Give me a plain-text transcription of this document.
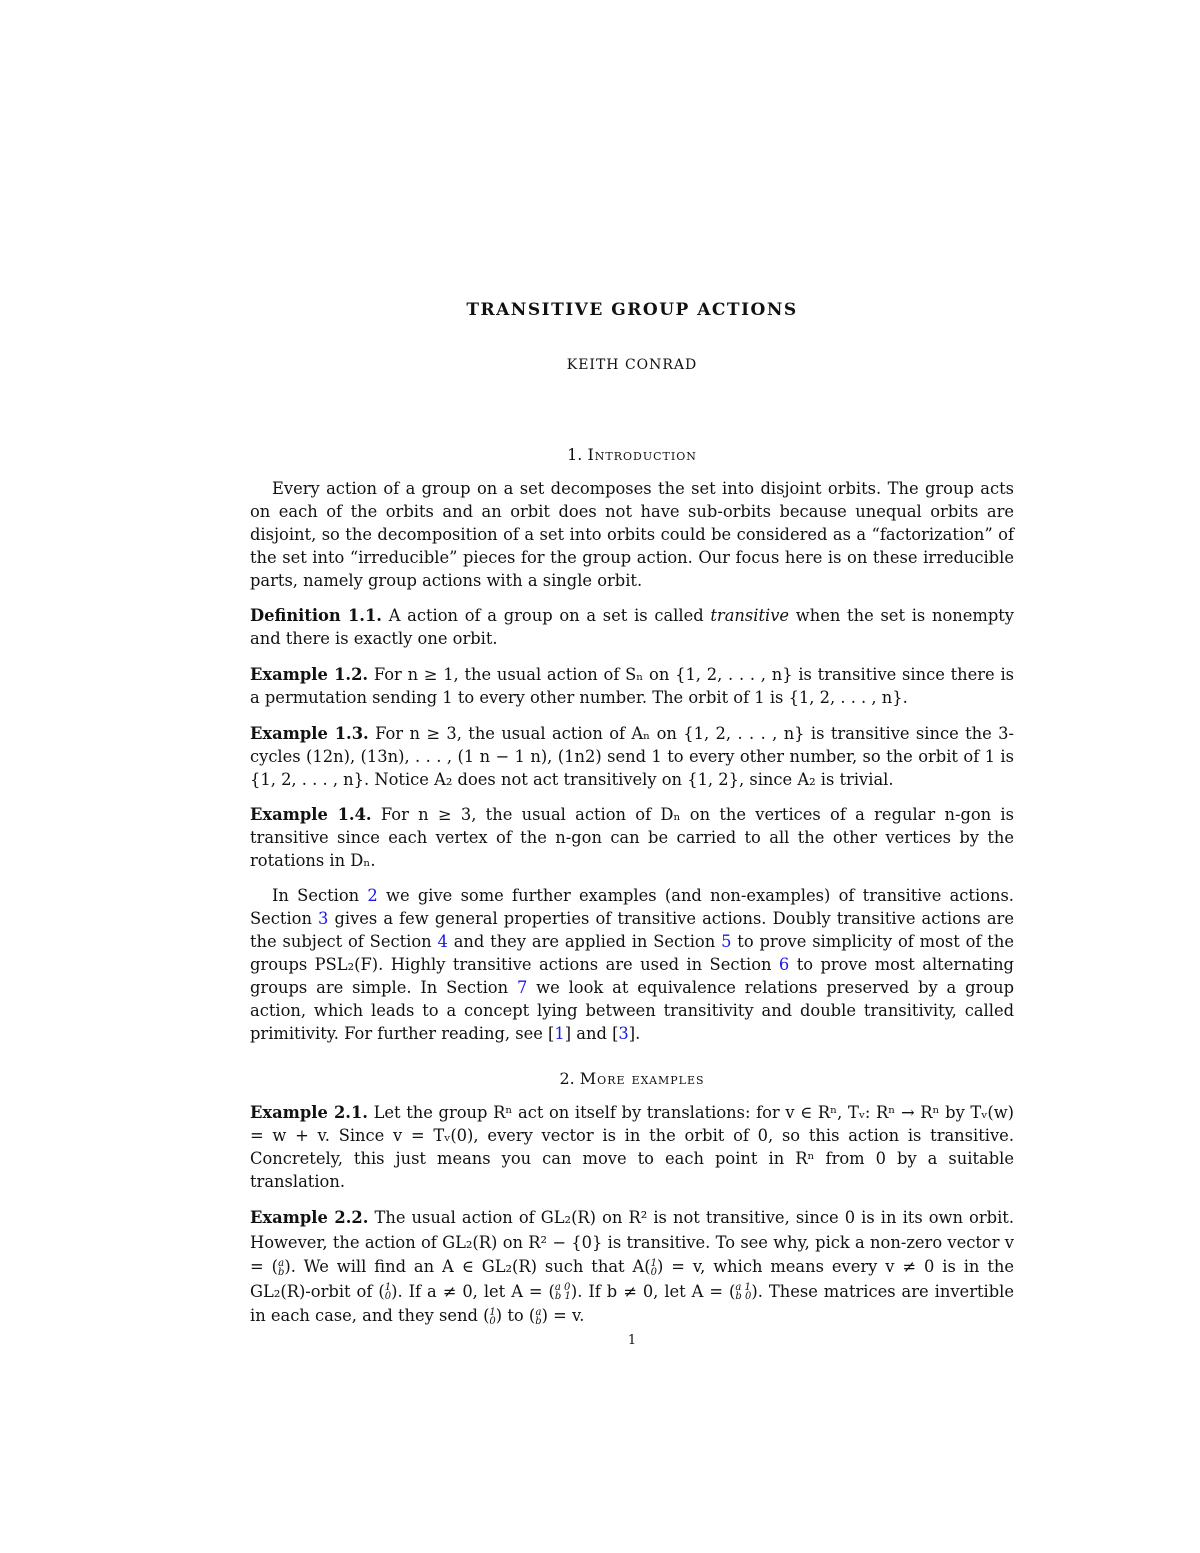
TRANSITIVE GROUP ACTIONS
KEITH CONRAD
1. Introduction
Every action of a group on a set decomposes the set into disjoint orbits. The group acts on each of the orbits and an orbit does not have sub-orbits because unequal orbits are disjoint, so the decomposition of a set into orbits could be considered as a “factorization” of the set into “irreducible” pieces for the group action. Our focus here is on these irreducible parts, namely group actions with a single orbit.
Definition 1.1. A action of a group on a set is called transitive when the set is nonempty and there is exactly one orbit.
Example 1.2. For n ≥ 1, the usual action of Sₙ on {1, 2, . . . , n} is transitive since there is a permutation sending 1 to every other number. The orbit of 1 is {1, 2, . . . , n}.
Example 1.3. For n ≥ 3, the usual action of Aₙ on {1, 2, . . . , n} is transitive since the 3-cycles (12n), (13n), . . . , (1 n − 1 n), (1n2) send 1 to every other number, so the orbit of 1 is {1, 2, . . . , n}. Notice A₂ does not act transitively on {1, 2}, since A₂ is trivial.
Example 1.4. For n ≥ 3, the usual action of Dₙ on the vertices of a regular n-gon is transitive since each vertex of the n-gon can be carried to all the other vertices by the rotations in Dₙ.
In Section 2 we give some further examples (and non-examples) of transitive actions. Section 3 gives a few general properties of transitive actions. Doubly transitive actions are the subject of Section 4 and they are applied in Section 5 to prove simplicity of most of the groups PSL₂(F). Highly transitive actions are used in Section 6 to prove most alternating groups are simple. In Section 7 we look at equivalence relations preserved by a group action, which leads to a concept lying between transitivity and double transitivity, called primitivity. For further reading, see [1] and [3].
2. More examples
Example 2.1. Let the group Rⁿ act on itself by translations: for v ∈ Rⁿ, Tᵥ: Rⁿ → Rⁿ by Tᵥ(w) = w + v. Since v = Tᵥ(0), every vector is in the orbit of 0, so this action is transitive. Concretely, this just means you can move to each point in Rⁿ from 0 by a suitable translation.
Example 2.2. The usual action of GL₂(R) on R² is not transitive, since 0 is in its own orbit. However, the action of GL₂(R) on R² − {0} is transitive. To see why, pick a non-zero vector v = (a
b). We will find an A ∈ GL₂(R) such that A(1
0) = v, which means every v ≠ 0 is in the GL₂(R)-orbit of (1
0). If a ≠ 0, let A = (a 0
b 1). If b ≠ 0, let A = (a 1
b 0). These matrices are invertible in each case, and they send (1
0) to (a
b) = v.
1
